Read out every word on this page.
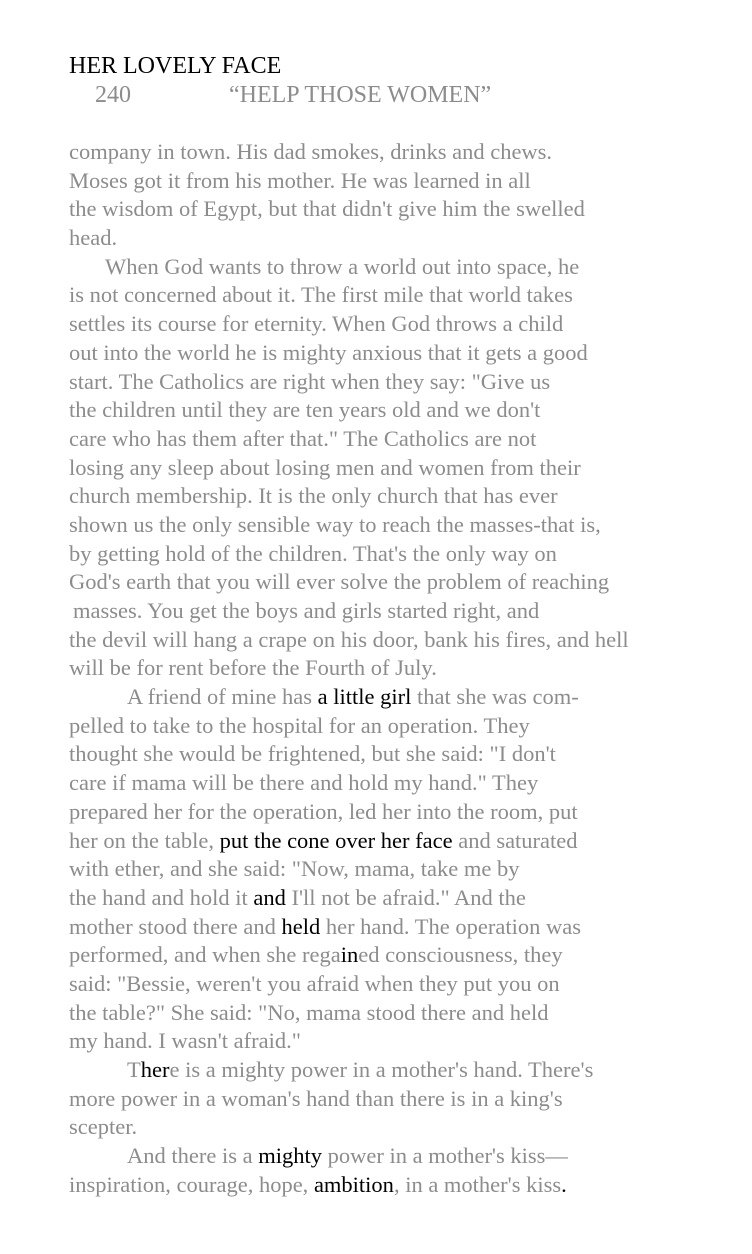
HER LOVELY FACE
240	“HELP THOSE WOMEN”
company in town. His dad smokes, drinks and chews.
Moses got it from his mother. He was learned in all
the wisdom of Egypt, but that didn't give him the swelled
head.
When God wants to throw a world out into space, he
is not concerned about it. The first mile that world takes
settles its course for eternity. When God throws a child
out into the world he is mighty anxious that it gets a good
start. The Catholics are right when they say: "Give us
the children until they are ten years old and we don't
care who has them after that." The Catholics are not
losing any sleep about losing men and women from their
church membership. It is the only church that has ever
shown us the only sensible way to reach the masses-that is,
by getting hold of the children. That's the only way on
God's earth that you will ever solve the problem of reaching
masses. You get the boys and girls started right, and
the devil will hang a crape on his door, bank his fires, and hell
will be for rent before the Fourth of July.
A friend of mine has a little girl that she was com-
pelled to take to the hospital for an operation. They
thought she would be frightened, but she said: "I don't
care if mama will be there and hold my hand." They
prepared her for the operation, led her into the room, put
her on the table, put the cone over her face and saturated
with ether, and she said: "Now, mama, take me by
the hand and hold it and I'll not be afraid." And the
mother stood there and held her hand. The operation was
performed, and when she regained consciousness, they
said: "Bessie, weren't you afraid when they put you on
the table?" She said: "No, mama stood there and held
my hand. I wasn't afraid."
There is a mighty power in a mother's hand. There's
more power in a woman's hand than there is in a king's
scepter.
And there is a mighty power in a mother's kiss—
inspiration, courage, hope, ambition, in a mother's kiss.
